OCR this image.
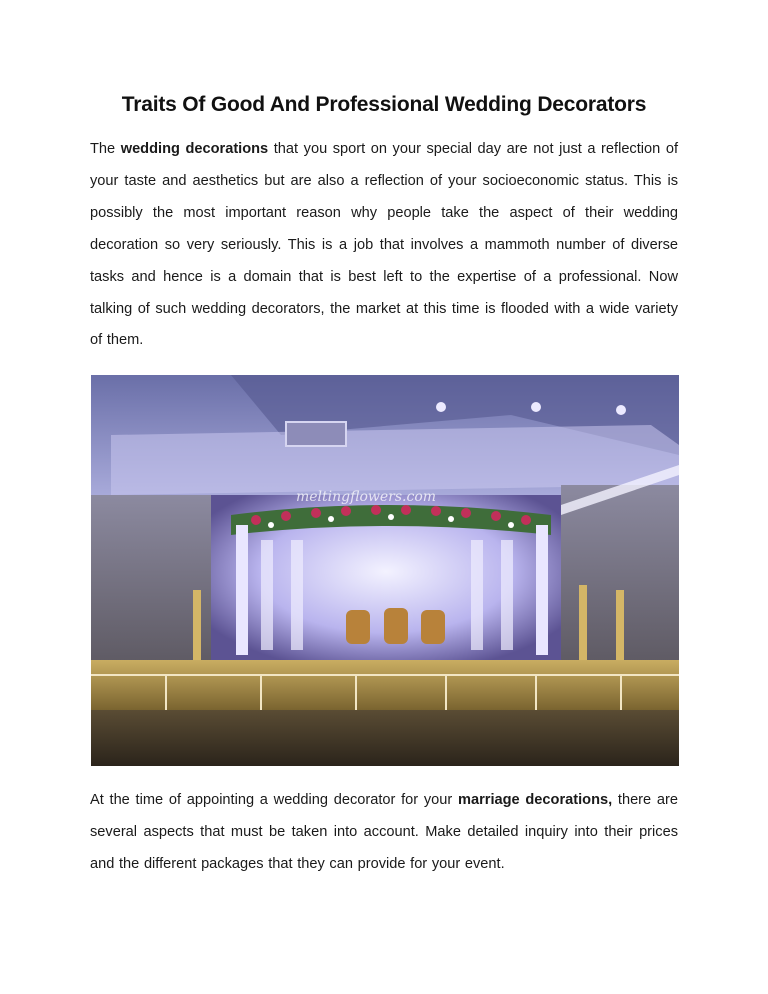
Traits Of Good And Professional Wedding Decorators

The wedding decorations that you sport on your special day are not just a reflection of your taste and aesthetics but are also a reflection of your socioeconomic status. This is possibly the most important reason why people take the aspect of their wedding decoration so very seriously. This is a job that involves a mammoth number of diverse tasks and hence is a domain that is best left to the expertise of a professional. Now talking of such wedding decorators, the market at this time is flooded with a wide variety of them.

meltingflowers.com

At the time of appointing a wedding decorator for your marriage decorations, there are several aspects that must be taken into account. Make detailed inquiry into their prices and the different packages that they can provide for your event.
